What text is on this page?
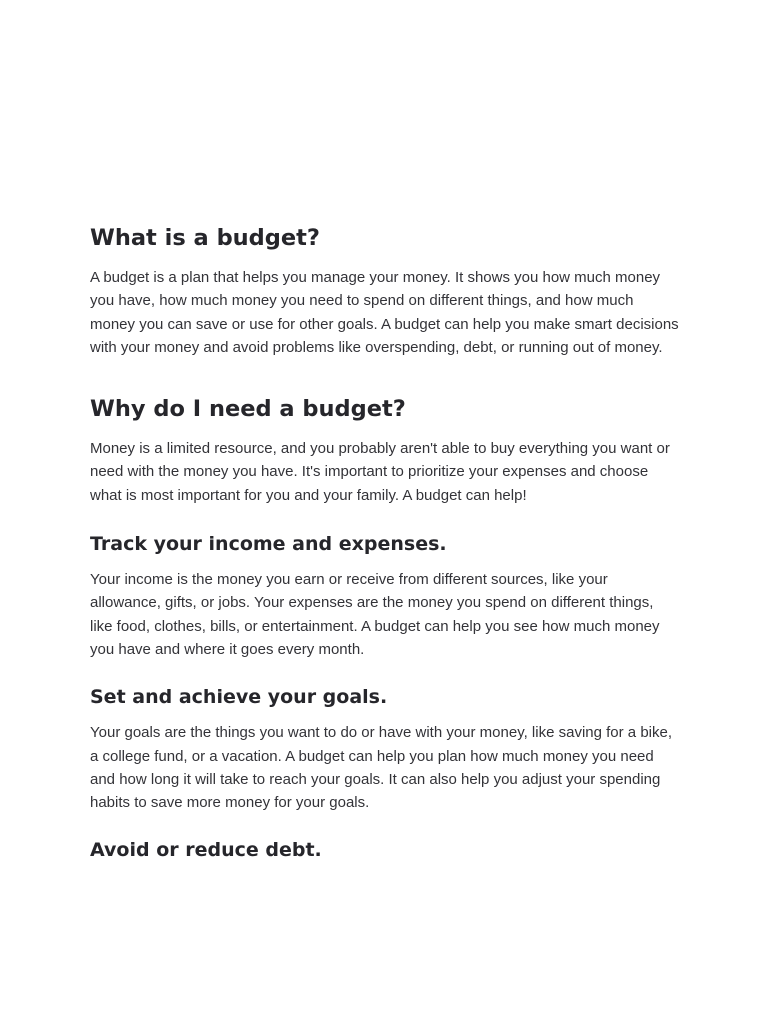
What is a budget?

A budget is a plan that helps you manage your money. It shows you how much money you have, how much money you need to spend on different things, and how much money you can save or use for other goals. A budget can help you make smart decisions with your money and avoid problems like overspending, debt, or running out of money.

Why do I need a budget?

Money is a limited resource, and you probably aren't able to buy everything you want or need with the money you have. It's important to prioritize your expenses and choose what is most important for you and your family. A budget can help!

Track your income and expenses.

Your income is the money you earn or receive from different sources, like your allowance, gifts, or jobs. Your expenses are the money you spend on different things, like food, clothes, bills, or entertainment. A budget can help you see how much money you have and where it goes every month.

Set and achieve your goals.

Your goals are the things you want to do or have with your money, like saving for a bike, a college fund, or a vacation. A budget can help you plan how much money you need and how long it will take to reach your goals. It can also help you adjust your spending habits to save more money for your goals.

Avoid or reduce debt.
